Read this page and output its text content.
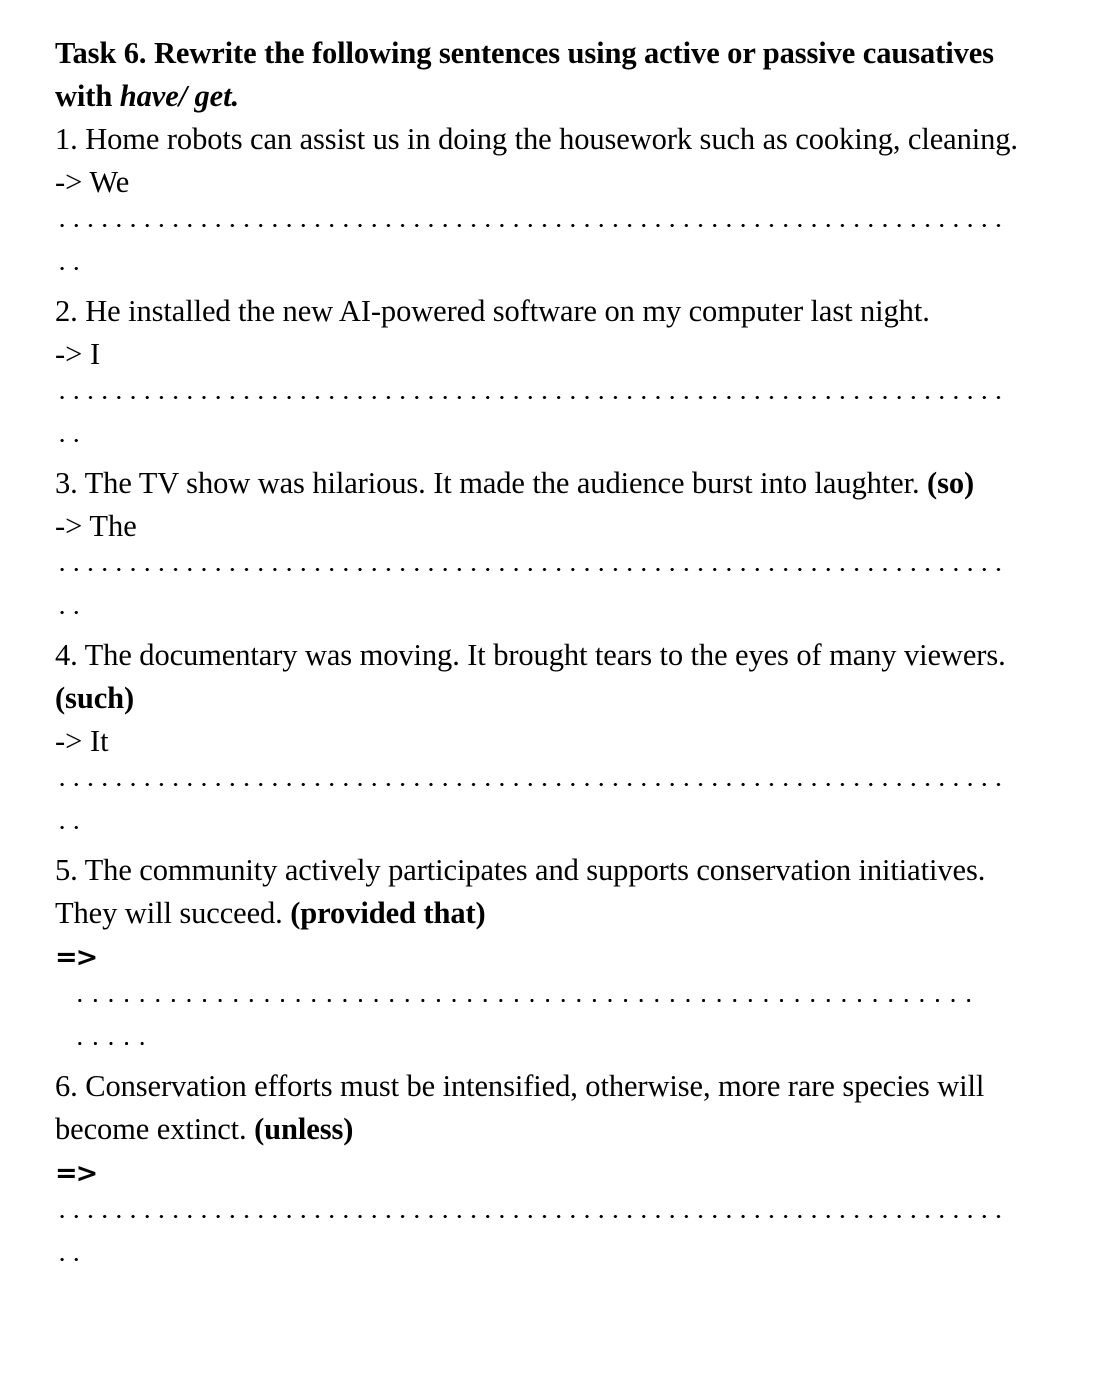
Task 6. Rewrite the following sentences using active or passive causatives with have/ get.

1. Home robots can assist us in doing the housework such as cooking, cleaning.

-> We

2. He installed the new AI-powered software on my computer last night.

-> I

3. The TV show was hilarious. It made the audience burst into laughter. (so)

-> The

4. The documentary was moving. It brought tears to the eyes of many viewers. (such)

-> It

5. The community actively participates and supports conservation initiatives. They will succeed. (provided that)

=>

6. Conservation efforts must be intensified, otherwise, more rare species will become extinct. (unless)

=>
